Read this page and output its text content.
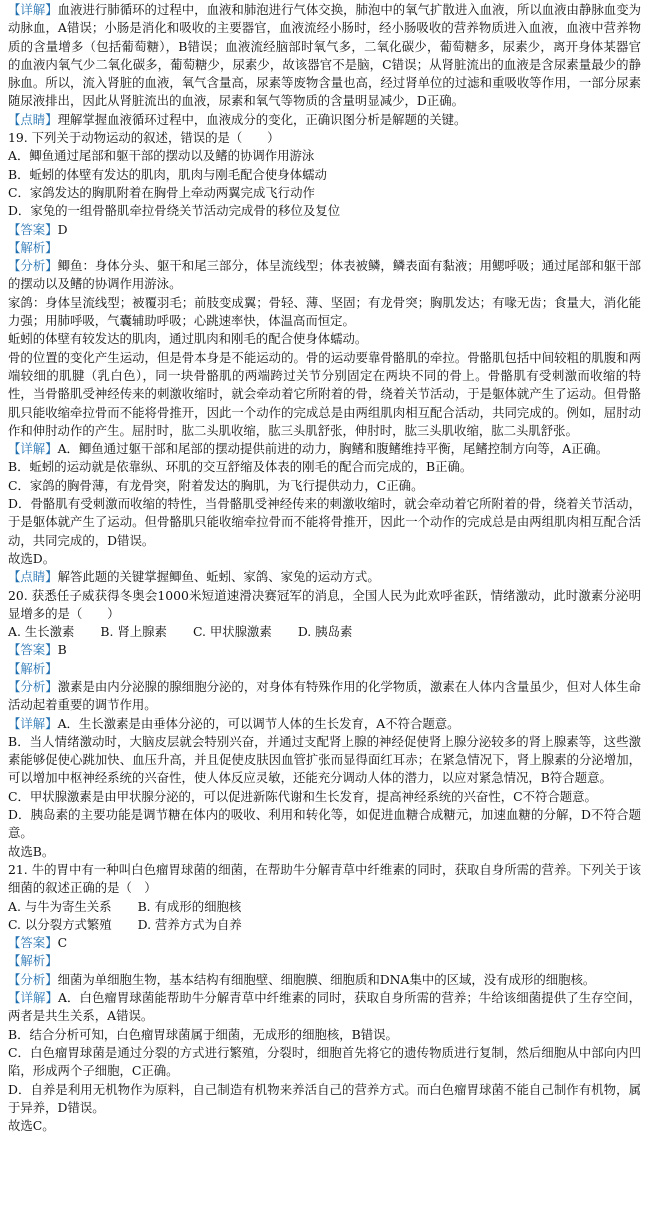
【详解】血液进行肺循环的过程中，血液和肺泡进行气体交换，肺泡中的氧气扩散进入血液，所以血液由静脉血变为动脉血，A错误；小肠是消化和吸收的主要器官，血液流经小肠时，经小肠吸收的营养物质进入血液，血液中营养物质的含量增多（包括葡萄糖），B错误；血液流经脑部时氧气多，二氧化碳少，葡萄糖多，尿素少，离开身体某器官的血液内氧气少二氧化碳多，葡萄糖少，尿素少，故该器官不是脑，C错误；从肾脏流出的血液是含尿素量最少的静脉血。所以，流入肾脏的血液，氧气含量高，尿素等废物含量也高，经过肾单位的过滤和重吸收等作用，一部分尿素随尿液排出，因此从肾脏流出的血液，尿素和氧气等物质的含量明显减少，D正确。

【点睛】理解掌握血液循环过程中，血液成分的变化，正确识图分析是解题的关键。

19. 下列关于动物运动的叙述，错误的是（　　）

A．鲫鱼通过尾部和躯干部的摆动以及鳍的协调作用游泳

B．蚯蚓的体壁有发达的肌肉，肌肉与刚毛配合使身体蠕动

C．家鸽发达的胸肌附着在胸骨上牵动两翼完成飞行动作

D．家兔的一组骨骼肌牵拉骨绕关节活动完成骨的移位及复位

【答案】D

【解析】

【分析】鲫鱼：身体分头、躯干和尾三部分，体呈流线型；体表被鳞，鳞表面有黏液；用鳃呼吸；通过尾部和躯干部的摆动以及鳍的协调作用游泳。

家鸽：身体呈流线型；被覆羽毛；前肢变成翼；骨轻、薄、坚固；有龙骨突；胸肌发达；有喙无齿；食量大，消化能力强；用肺呼吸，气囊辅助呼吸；心跳速率快，体温高而恒定。

蚯蚓的体壁有较发达的肌肉，通过肌肉和刚毛的配合使身体蠕动。

骨的位置的变化产生运动，但是骨本身是不能运动的。骨的运动要靠骨骼肌的牵拉。骨骼肌包括中间较粗的肌腹和两端较细的肌腱（乳白色），同一块骨骼肌的两端跨过关节分别固定在两块不同的骨上。骨骼肌有受刺激而收缩的特性，当骨骼肌受神经传来的刺激收缩时，就会牵动着它所附着的骨，绕着关节活动，于是躯体就产生了运动。但骨骼肌只能收缩牵拉骨而不能将骨推开，因此一个动作的完成总是由两组肌肉相互配合活动，共同完成的。例如，屈肘动作和伸肘动作的产生。屈肘时，肱二头肌收缩，肱三头肌舒张，伸肘时，肱三头肌收缩，肱二头肌舒张。

【详解】A．鲫鱼通过躯干部和尾部的摆动提供前进的动力，胸鳍和腹鳍维持平衡，尾鳍控制方向等，A正确。

B．蚯蚓的运动就是依靠纵、环肌的交互舒缩及体表的刚毛的配合而完成的，B正确。

C．家鸽的胸骨薄，有龙骨突，附着发达的胸肌，为飞行提供动力，C正确。

D．骨骼肌有受刺激而收缩的特性，当骨骼肌受神经传来的刺激收缩时，就会牵动着它所附着的骨，绕着关节活动，于是躯体就产生了运动。但骨骼肌只能收缩牵拉骨而不能将骨推开，因此一个动作的完成总是由两组肌肉相互配合活动，共同完成的，D错误。

故选D。

【点睛】解答此题的关键掌握鲫鱼、蚯蚓、家鸽、家兔的运动方式。

20. 获悉任子威获得冬奥会1000米短道速滑决赛冠军的消息，全国人民为此欢呼雀跃，情绪激动，此时激素分泌明显增多的是（　　）

A. 生长激素 B. 肾上腺素 C. 甲状腺激素 D. 胰岛素

【答案】B

【解析】

【分析】激素是由内分泌腺的腺细胞分泌的，对身体有特殊作用的化学物质，激素在人体内含量虽少，但对人体生命活动起着重要的调节作用。

【详解】A．生长激素是由垂体分泌的，可以调节人体的生长发育，A不符合题意。

B．当人情绪激动时，大脑皮层就会特别兴奋，并通过支配肾上腺的神经促使肾上腺分泌较多的肾上腺素等，这些激素能够促使心跳加快、血压升高，并且促使皮肤因血管扩张而显得面红耳赤；在紧急情况下，肾上腺素的分泌增加，可以增加中枢神经系统的兴奋性，使人体反应灵敏，还能充分调动人体的潜力，以应对紧急情况，B符合题意。

C．甲状腺激素是由甲状腺分泌的，可以促进新陈代谢和生长发育，提高神经系统的兴奋性，C不符合题意。

D．胰岛素的主要功能是调节糖在体内的吸收、利用和转化等，如促进血糖合成糖元，加速血糖的分解，D不符合题意。

故选B。

21. 牛的胃中有一种叫白色瘤胃球菌的细菌，在帮助牛分解青草中纤维素的同时，获取自身所需的营养。下列关于该细菌的叙述正确的是（　）

A. 与牛为寄生关系 B. 有成形的细胞核

C. 以分裂方式繁殖 D. 营养方式为自养

【答案】C

【解析】

【分析】细菌为单细胞生物，基本结构有细胞壁、细胞膜、细胞质和DNA集中的区域，没有成形的细胞核。

【详解】A．白色瘤胃球菌能帮助牛分解青草中纤维素的同时，获取自身所需的营养；牛给该细菌提供了生存空间，两者是共生关系，A错误。

B．结合分析可知，白色瘤胃球菌属于细菌，无成形的细胞核，B错误。

C．白色瘤胃球菌是通过分裂的方式进行繁殖，分裂时，细胞首先将它的遗传物质进行复制，然后细胞从中部向内凹陷，形成两个子细胞，C正确。

D．自养是利用无机物作为原料，自己制造有机物来养活自己的营养方式。而白色瘤胃球菌不能自己制作有机物，属于异养，D错误。

故选C。
